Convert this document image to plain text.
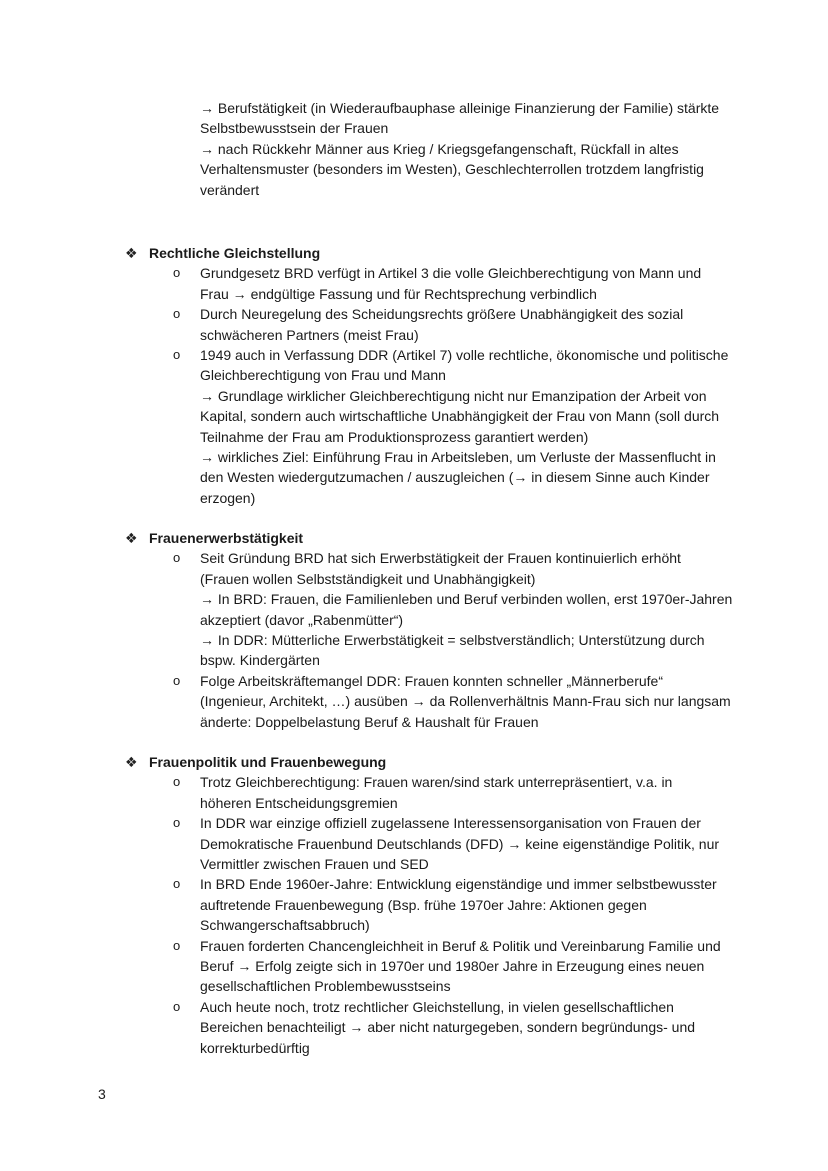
→ Berufstätigkeit (in Wiederaufbauphase alleinige Finanzierung der Familie) stärkte
Selbstbewusstsein der Frauen
→ nach Rückkehr Männer aus Krieg / Kriegsgefangenschaft, Rückfall in altes
Verhaltensmuster (besonders im Westen), Geschlechterrollen trotzdem langfristig
verändert
❖ Rechtliche Gleichstellung
o	Grundgesetz BRD verfügt in Artikel 3 die volle Gleichberechtigung von Mann und
Frau → endgültige Fassung und für Rechtsprechung verbindlich
o	Durch Neuregelung des Scheidungsrechts größere Unabhängigkeit des sozial
schwächeren Partners (meist Frau)
o	1949 auch in Verfassung DDR (Artikel 7) volle rechtliche, ökonomische und politische
Gleichberechtigung von Frau und Mann
→ Grundlage wirklicher Gleichberechtigung nicht nur Emanzipation der Arbeit von
Kapital, sondern auch wirtschaftliche Unabhängigkeit der Frau von Mann (soll durch
Teilnahme der Frau am Produktionsprozess garantiert werden)
→ wirkliches Ziel: Einführung Frau in Arbeitsleben, um Verluste der Massenflucht in
den Westen wiedergutzumachen / auszugleichen (→ in diesem Sinne auch Kinder
erzogen)
❖ Frauenerwerbstätigkeit
o	Seit Gründung BRD hat sich Erwerbstätigkeit der Frauen kontinuierlich erhöht
(Frauen wollen Selbstständigkeit und Unabhängigkeit)
→ In BRD: Frauen, die Familienleben und Beruf verbinden wollen, erst 1970er-Jahren
akzeptiert (davor „Rabenmütter“)
→ In DDR: Mütterliche Erwerbstätigkeit = selbstverständlich; Unterstützung durch
bspw. Kindergärten
o	Folge Arbeitskräftemangel DDR: Frauen konnten schneller „Männerberufe“
(Ingenieur, Architekt, …) ausüben → da Rollenverhältnis Mann-Frau sich nur langsam
änderte: Doppelbelastung Beruf & Haushalt für Frauen
❖ Frauenpolitik und Frauenbewegung
o	Trotz Gleichberechtigung: Frauen waren/sind stark unterrepräsentiert, v.a. in
höheren Entscheidungsgremien
o	In DDR war einzige offiziell zugelassene Interessensorganisation von Frauen der
Demokratische Frauenbund Deutschlands (DFD) → keine eigenständige Politik, nur
Vermittler zwischen Frauen und SED
o	In BRD Ende 1960er-Jahre: Entwicklung eigenständige und immer selbstbewusster
auftretende Frauenbewegung (Bsp. frühe 1970er Jahre: Aktionen gegen
Schwangerschaftsabbruch)
o	Frauen forderten Chancengleichheit in Beruf & Politik und Vereinbarung Familie und
Beruf → Erfolg zeigte sich in 1970er und 1980er Jahre in Erzeugung eines neuen
gesellschaftlichen Problembewusstseins
o	Auch heute noch, trotz rechtlicher Gleichstellung, in vielen gesellschaftlichen
Bereichen benachteiligt → aber nicht naturgegeben, sondern begründungs- und
korrekturbedürftig
3
